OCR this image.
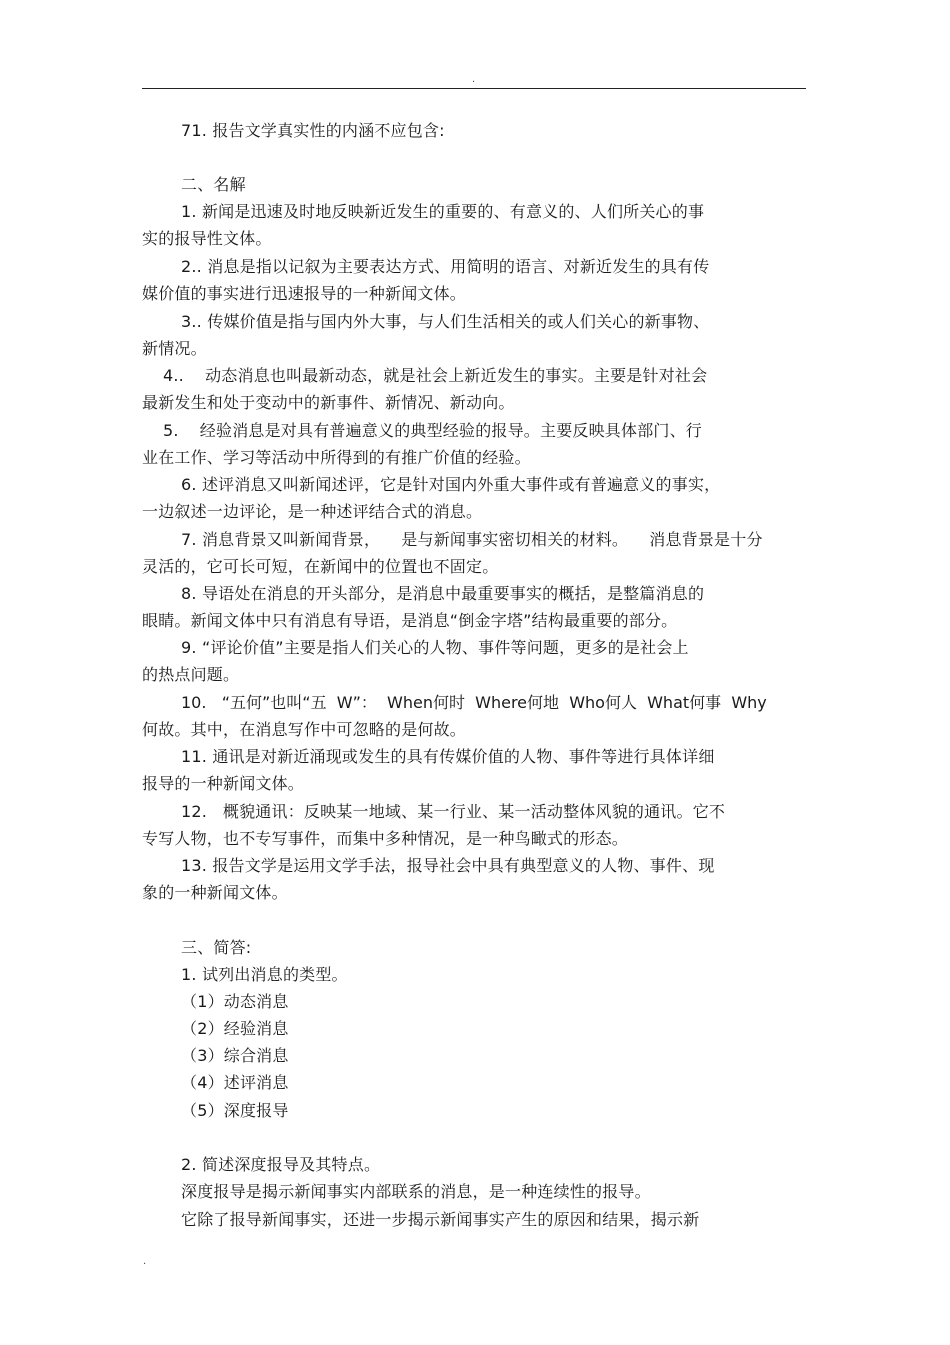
.
71. 报告文学真实性的内涵不应包含:
二、名解
1. 新闻是迅速及时地反映新近发生的重要的、有意义的、人们所关心的事
实的报导性文体。
2.. 消息是指以记叙为主要表达方式、用简明的语言、对新近发生的具有传
媒价值的事实进行迅速报导的一种新闻文体。
3.. 传媒价值是指与国内外大事，与人们生活相关的或人们关心的新事物、
新情况。
4..    动态消息也叫最新动态，就是社会上新近发生的事实。主要是针对社会
最新发生和处于变动中的新事件、新情况、新动向。
5.    经验消息是对具有普遍意义的典型经验的报导。主要反映具体部门、行
业在工作、学习等活动中所得到的有推广价值的经验。
6. 述评消息又叫新闻述评，它是针对国内外重大事件或有普遍意义的事实，
一边叙述一边评论，是一种述评结合式的消息。
7. 消息背景又叫新闻背景，    是与新闻事实密切相关的材料。    消息背景是十分
灵活的，它可长可短，在新闻中的位置也不固定。
8. 导语处在消息的开头部分，是消息中最重要事实的概括，是整篇消息的
眼睛。新闻文体中只有消息有导语，是消息“倒金字塔”结构最重要的部分。
9. “评论价值”主要是指人们关心的人物、事件等问题，更多的是社会上
的热点问题。
10.   “五何”也叫“五  W”：  When何时  Where何地  Who何人  What何事  Why
何故。其中，在消息写作中可忽略的是何故。
11. 通讯是对新近涌现或发生的具有传媒价值的人物、事件等进行具体详细
报导的一种新闻文体。
12.   概貌通讯：反映某一地域、某一行业、某一活动整体风貌的通讯。它不
专写人物，也不专写事件，而集中多种情况，是一种鸟瞰式的形态。
13. 报告文学是运用文学手法，报导社会中具有典型意义的人物、事件、现
象的一种新闻文体。
三、简答:
1. 试列出消息的类型。
（1）动态消息
（2）经验消息
（3）综合消息
（4）述评消息
（5）深度报导
2. 简述深度报导及其特点。
深度报导是揭示新闻事实内部联系的消息，是一种连续性的报导。
它除了报导新闻事实，还进一步揭示新闻事实产生的原因和结果，揭示新
.
